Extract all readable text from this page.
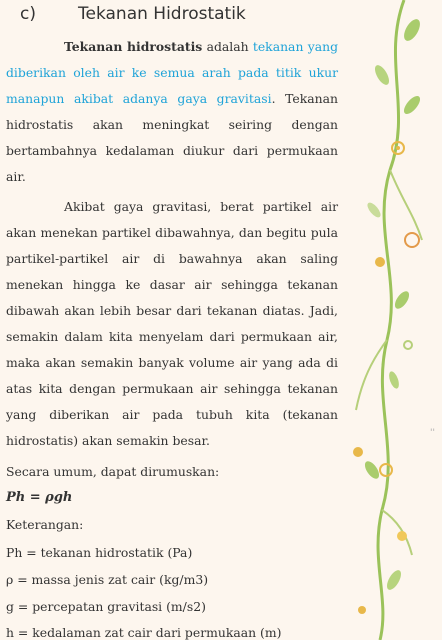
c) Tekanan Hidrostatik

Tekanan hidrostatis adalah tekanan yang diberikan oleh air ke semua arah pada titik ukur manapun akibat adanya gaya gravitasi. Tekanan hidrostatis akan meningkat seiring dengan bertambahnya kedalaman diukur dari permukaan air.

Akibat gaya gravitasi, berat partikel air akan menekan partikel dibawahnya, dan begitu pula partikel-partikel air di bawahnya akan saling menekan hingga ke dasar air sehingga tekanan dibawah akan lebih besar dari tekanan diatas. Jadi, semakin dalam kita menyelam dari permukaan air, maka akan semakin banyak volume air yang ada di atas kita dengan permukaan air sehingga tekanan yang diberikan air pada tubuh kita (tekanan hidrostatis) akan semakin besar.

Secara umum, dapat dirumuskan:
Ph = ρgh
Keterangan:
Ph = tekanan hidrostatik (Pa)
ρ = massa jenis zat cair (kg/m3)
g = percepatan gravitasi (m/s2)
h = kedalaman zat cair dari permukaan (m)
''
